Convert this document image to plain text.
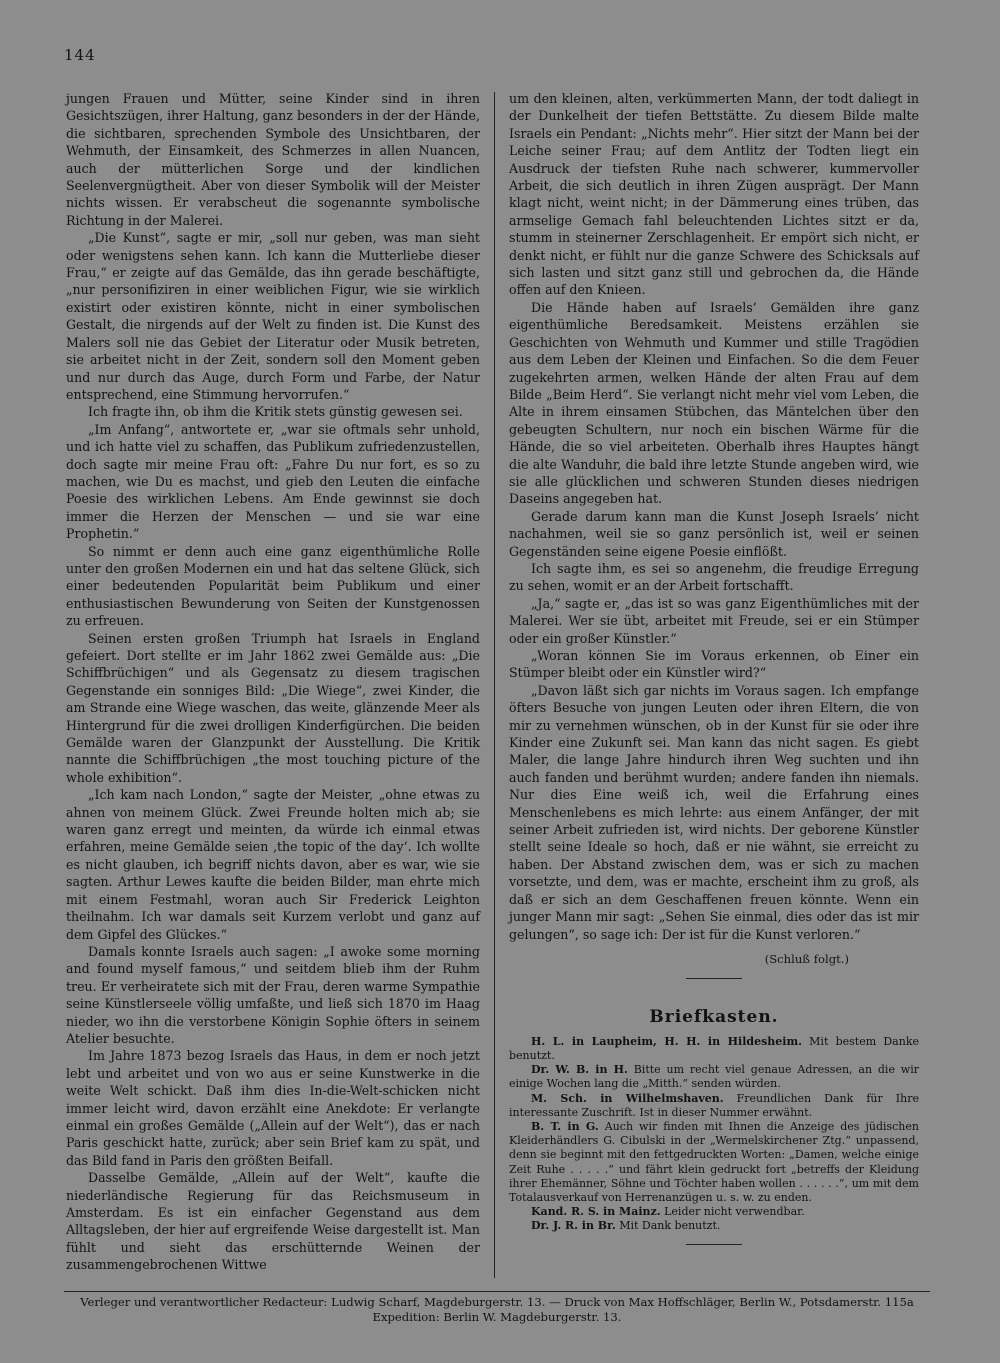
144

jungen Frauen und Mütter, seine Kinder sind in ihren Gesichtszügen, ihrer Haltung, ganz besonders in der der Hände, die sichtbaren, sprechenden Symbole des Unsichtbaren, der Wehmuth, der Einsamkeit, des Schmerzes in allen Nuancen, auch der mütterlichen Sorge und der kindlichen Seelenvergnügtheit. Aber von dieser Symbolik will der Meister nichts wissen. Er verabscheut die sogenannte symbolische Richtung in der Malerei.

„Die Kunst“, sagte er mir, „soll nur geben, was man sieht oder wenigstens sehen kann. Ich kann die Mutterliebe dieser Frau,“ er zeigte auf das Gemälde, das ihn gerade beschäftigte, „nur personifiziren in einer weiblichen Figur, wie sie wirklich existirt oder existiren könnte, nicht in einer symbolischen Gestalt, die nirgends auf der Welt zu finden ist. Die Kunst des Malers soll nie das Gebiet der Literatur oder Musik betreten, sie arbeitet nicht in der Zeit, sondern soll den Moment geben und nur durch das Auge, durch Form und Farbe, der Natur entsprechend, eine Stimmung hervorrufen.“

Ich fragte ihn, ob ihm die Kritik stets günstig gewesen sei.

„Im Anfang“, antwortete er, „war sie oftmals sehr unhold, und ich hatte viel zu schaffen, das Publikum zufriedenzustellen, doch sagte mir meine Frau oft: „Fahre Du nur fort, es so zu machen, wie Du es machst, und gieb den Leuten die einfache Poesie des wirklichen Lebens. Am Ende gewinnst sie doch immer die Herzen der Menschen — und sie war eine Prophetin.“

So nimmt er denn auch eine ganz eigenthümliche Rolle unter den großen Modernen ein und hat das seltene Glück, sich einer bedeutenden Popularität beim Publikum und einer enthusiastischen Bewunderung von Seiten der Kunstgenossen zu erfreuen.

Seinen ersten großen Triumph hat Israels in England gefeiert. Dort stellte er im Jahr 1862 zwei Gemälde aus: „Die Schiffbrüchigen“ und als Gegensatz zu diesem tragischen Gegenstande ein sonniges Bild: „Die Wiege“, zwei Kinder, die am Strande eine Wiege waschen, das weite, glänzende Meer als Hintergrund für die zwei drolligen Kinderfigürchen. Die beiden Gemälde waren der Glanzpunkt der Ausstellung. Die Kritik nannte die Schiffbrüchigen „the most touching picture of the whole exhibition“.

„Ich kam nach London,“ sagte der Meister, „ohne etwas zu ahnen von meinem Glück. Zwei Freunde holten mich ab; sie waren ganz erregt und meinten, da würde ich einmal etwas erfahren, meine Gemälde seien ‚the topic of the day‘. Ich wollte es nicht glauben, ich begriff nichts davon, aber es war, wie sie sagten. Arthur Lewes kaufte die beiden Bilder, man ehrte mich mit einem Festmahl, woran auch Sir Frederick Leighton theilnahm. Ich war damals seit Kurzem verlobt und ganz auf dem Gipfel des Glückes.“

Damals konnte Israels auch sagen: „I awoke some morning and found myself famous,“ und seitdem blieb ihm der Ruhm treu. Er verheiratete sich mit der Frau, deren warme Sympathie seine Künstlerseele völlig umfaßte, und ließ sich 1870 im Haag nieder, wo ihn die verstorbene Königin Sophie öfters in seinem Atelier besuchte.

Im Jahre 1873 bezog Israels das Haus, in dem er noch jetzt lebt und arbeitet und von wo aus er seine Kunstwerke in die weite Welt schickt. Daß ihm dies In-die-Welt-schicken nicht immer leicht wird, davon erzählt eine Anekdote: Er verlangte einmal ein großes Gemälde („Allein auf der Welt“), das er nach Paris geschickt hatte, zurück; aber sein Brief kam zu spät, und das Bild fand in Paris den größten Beifall.

Dasselbe Gemälde, „Allein auf der Welt“, kaufte die niederländische Regierung für das Reichsmuseum in Amsterdam. Es ist ein einfacher Gegenstand aus dem Alltagsleben, der hier auf ergreifende Weise dargestellt ist. Man fühlt und sieht das erschütternde Weinen der zusammengebrochenen Wittwe

um den kleinen, alten, verkümmerten Mann, der todt daliegt in der Dunkelheit der tiefen Bettstätte. Zu diesem Bilde malte Israels ein Pendant: „Nichts mehr“. Hier sitzt der Mann bei der Leiche seiner Frau; auf dem Antlitz der Todten liegt ein Ausdruck der tiefsten Ruhe nach schwerer, kummervoller Arbeit, die sich deutlich in ihren Zügen ausprägt. Der Mann klagt nicht, weint nicht; in der Dämmerung eines trüben, das armselige Gemach fahl beleuchtenden Lichtes sitzt er da, stumm in steinerner Zerschlagenheit. Er empört sich nicht, er denkt nicht, er fühlt nur die ganze Schwere des Schicksals auf sich lasten und sitzt ganz still und gebrochen da, die Hände offen auf den Knieen.

Die Hände haben auf Israels’ Gemälden ihre ganz eigenthümliche Beredsamkeit. Meistens erzählen sie Geschichten von Wehmuth und Kummer und stille Tragödien aus dem Leben der Kleinen und Einfachen. So die dem Feuer zugekehrten armen, welken Hände der alten Frau auf dem Bilde „Beim Herd“. Sie verlangt nicht mehr viel vom Leben, die Alte in ihrem einsamen Stübchen, das Mäntelchen über den gebeugten Schultern, nur noch ein bischen Wärme für die Hände, die so viel arbeiteten. Oberhalb ihres Hauptes hängt die alte Wanduhr, die bald ihre letzte Stunde angeben wird, wie sie alle glücklichen und schweren Stunden dieses niedrigen Daseins angegeben hat.

Gerade darum kann man die Kunst Joseph Israels’ nicht nachahmen, weil sie so ganz persönlich ist, weil er seinen Gegenständen seine eigene Poesie einflößt.

Ich sagte ihm, es sei so angenehm, die freudige Erregung zu sehen, womit er an der Arbeit fortschafft.

„Ja,“ sagte er, „das ist so was ganz Eigenthümliches mit der Malerei. Wer sie übt, arbeitet mit Freude, sei er ein Stümper oder ein großer Künstler.“

„Woran können Sie im Voraus erkennen, ob Einer ein Stümper bleibt oder ein Künstler wird?“

„Davon läßt sich gar nichts im Voraus sagen. Ich empfange öfters Besuche von jungen Leuten oder ihren Eltern, die von mir zu vernehmen wünschen, ob in der Kunst für sie oder ihre Kinder eine Zukunft sei. Man kann das nicht sagen. Es giebt Maler, die lange Jahre hindurch ihren Weg suchten und ihn auch fanden und berühmt wurden; andere fanden ihn niemals. Nur dies Eine weiß ich, weil die Erfahrung eines Menschenlebens es mich lehrte: aus einem Anfänger, der mit seiner Arbeit zufrieden ist, wird nichts. Der geborene Künstler stellt seine Ideale so hoch, daß er nie wähnt, sie erreicht zu haben. Der Abstand zwischen dem, was er sich zu machen vorsetzte, und dem, was er machte, erscheint ihm zu groß, als daß er sich an dem Geschaffenen freuen könnte. Wenn ein junger Mann mir sagt: „Sehen Sie einmal, dies oder das ist mir gelungen“, so sage ich: Der ist für die Kunst verloren.“

(Schluß folgt.)
Briefkasten.

H. L. in Laupheim, H. H. in Hildesheim. Mit bestem Danke benutzt.

Dr. W. B. in H. Bitte um recht viel genaue Adressen, an die wir einige Wochen lang die „Mitth.“ senden würden.

M. Sch. in Wilhelmshaven. Freundlichen Dank für Ihre interessante Zuschrift. Ist in dieser Nummer erwähnt.

B. T. in G. Auch wir finden mit Ihnen die Anzeige des jüdischen Kleiderhändlers G. Cibulski in der „Wermelskirchener Ztg.“ unpassend, denn sie beginnt mit den fettgedruckten Worten: „Damen, welche einige Zeit Ruhe . . . . .“ und fährt klein gedruckt fort „betreffs der Kleidung ihrer Ehemänner, Söhne und Töchter haben wollen . . . . . .“, um mit dem Totalausverkauf von Herrenanzügen u. s. w. zu enden.

Kand. R. S. in Mainz. Leider nicht verwendbar.

Dr. J. R. in Br. Mit Dank benutzt.

Verleger und verantwortlicher Redacteur: Ludwig Scharf, Magdeburgerstr. 13. — Druck von Max Hoffschläger, Berlin W., Potsdamerstr. 115a
Expedition: Berlin W. Magdeburgerstr. 13.
